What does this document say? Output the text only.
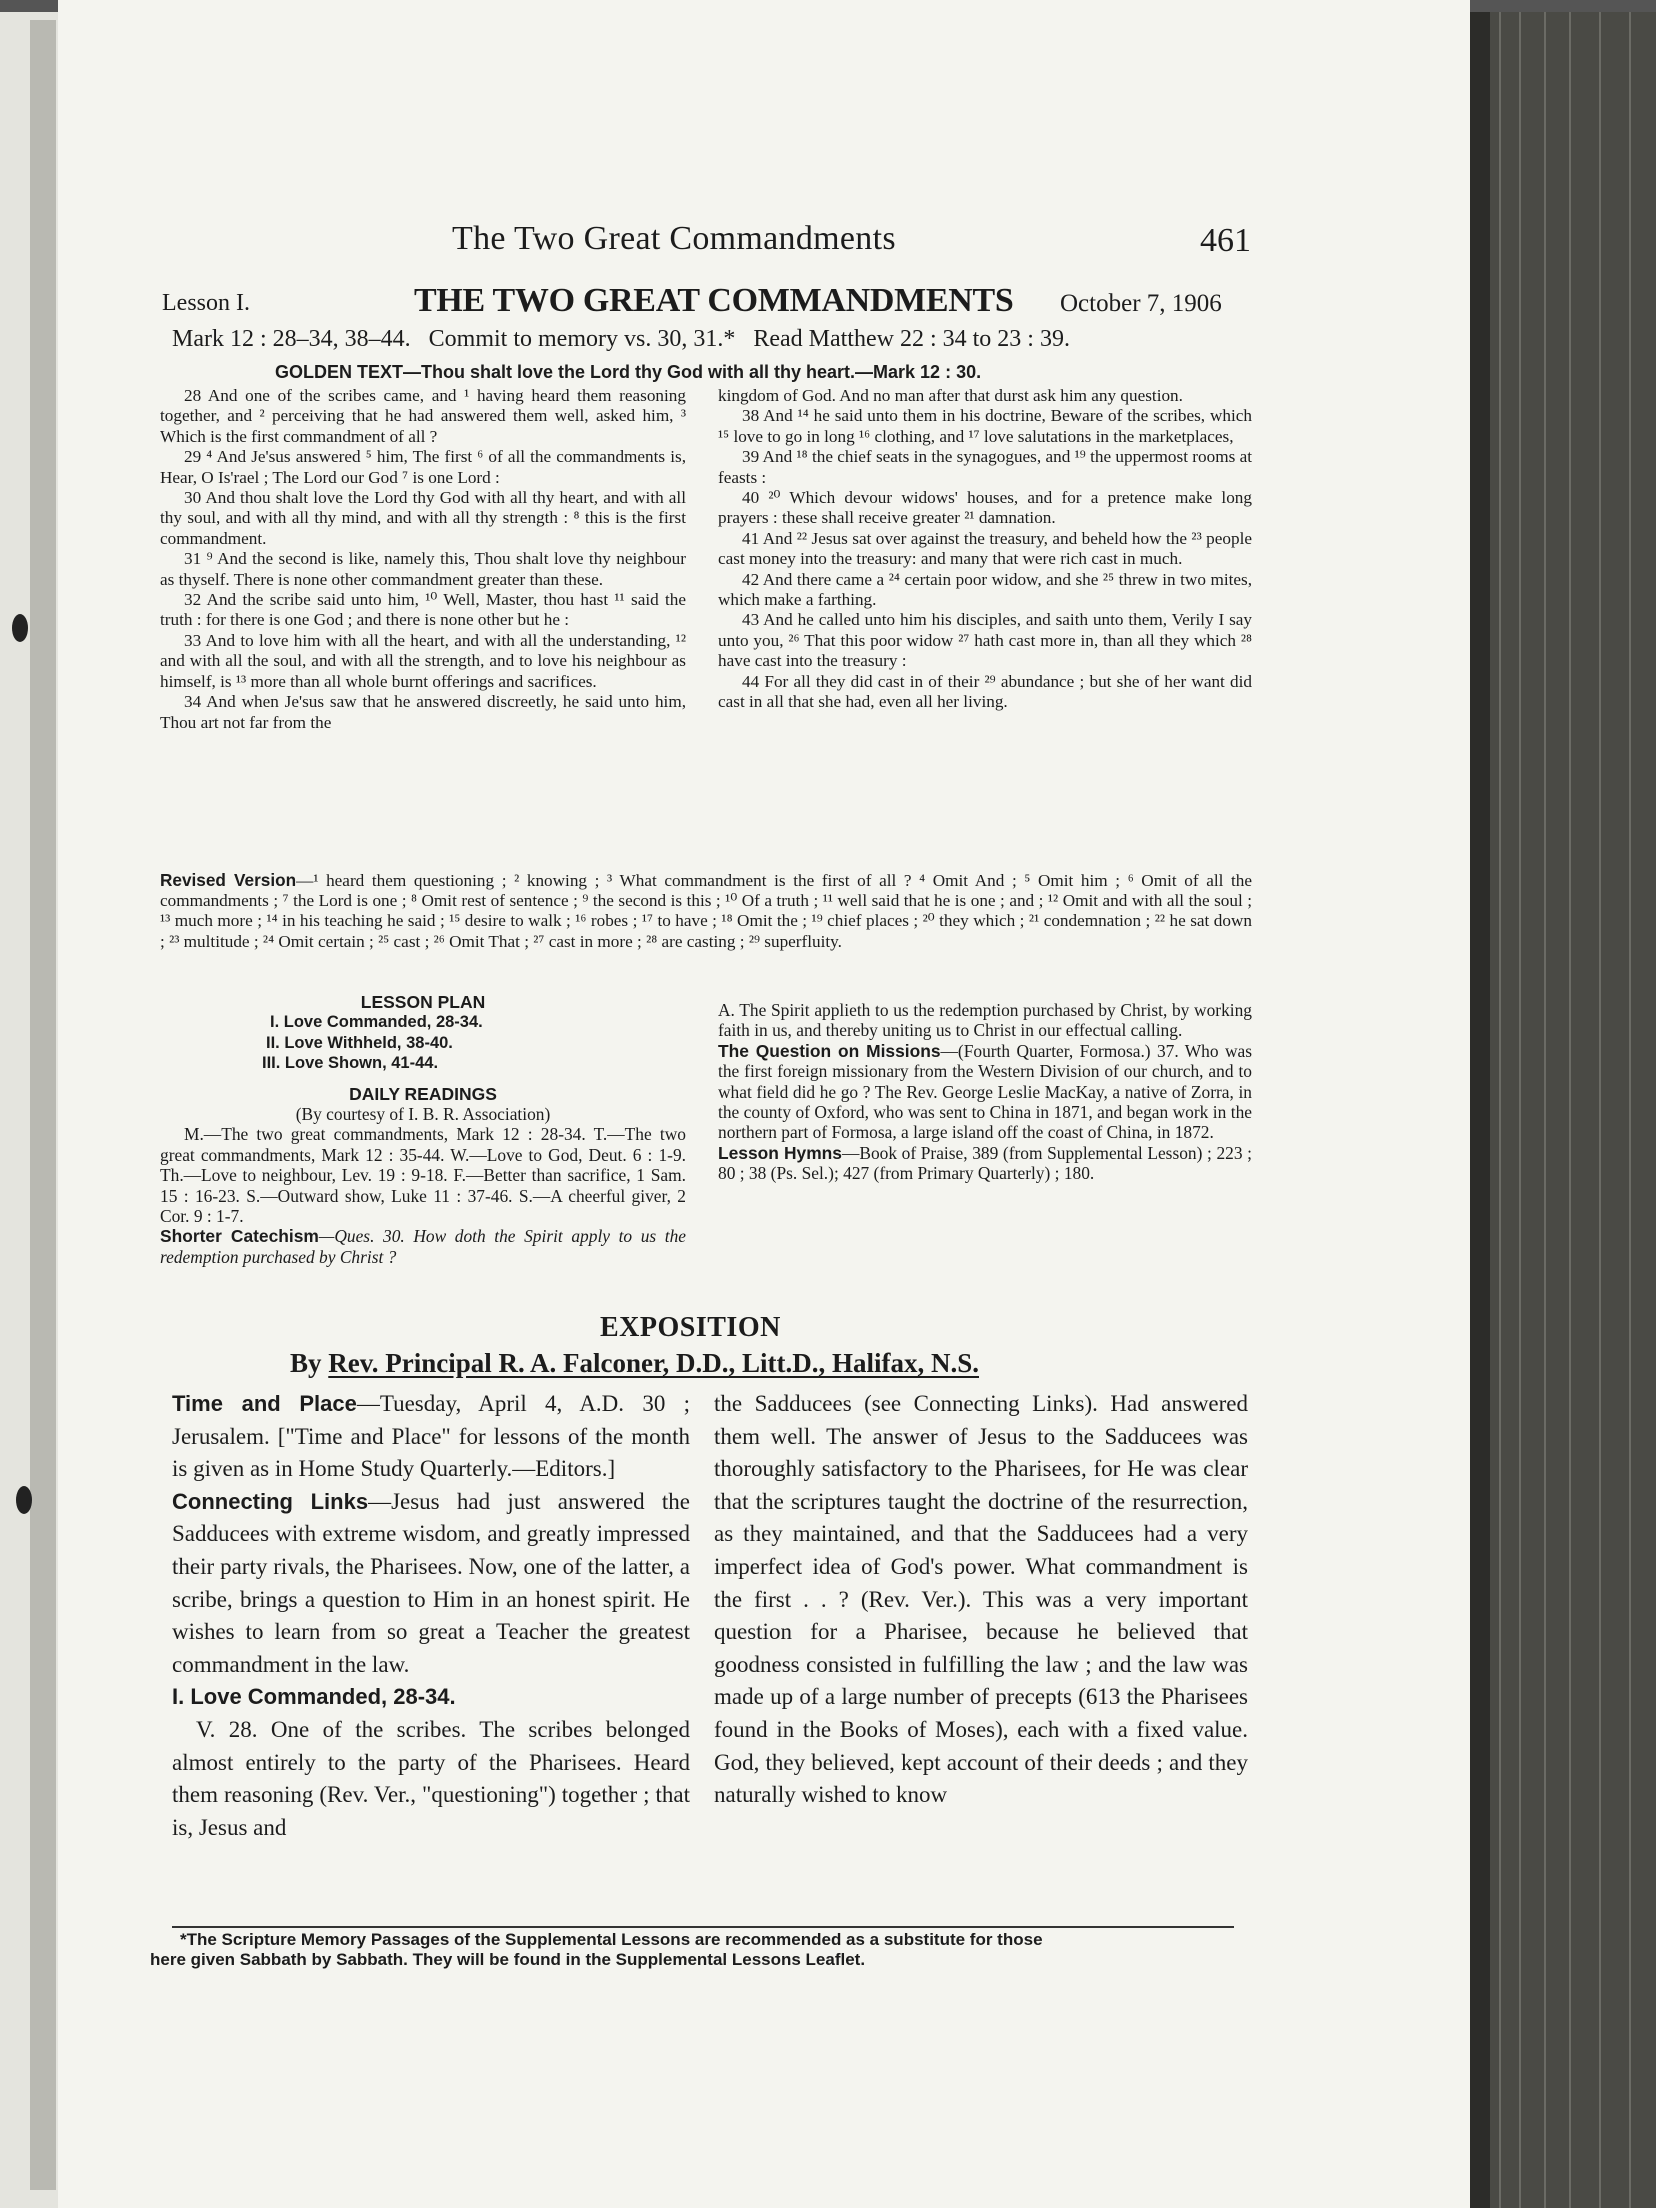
The Two Great Commandments	461
Lesson I.	THE TWO GREAT COMMANDMENTS October 7, 1906
Mark 12 : 28–34, 38–44.   Commit to memory vs. 30, 31.*   Read Matthew 22 : 34 to 23 : 39.
GOLDEN TEXT—Thou shalt love the Lord thy God with all thy heart.—Mark 12 : 30.

28 And one of the scribes came, and ¹ having heard them reasoning together, and ² perceiving that he had answered them well, asked him, ³ Which is the first commandment of all ?

29 ⁴ And Je'sus answered ⁵ him, The first ⁶ of all the commandments is, Hear, O Is'rael ; The Lord our God ⁷ is one Lord :

30 And thou shalt love the Lord thy God with all thy heart, and with all thy soul, and with all thy mind, and with all thy strength : ⁸ this is the first commandment.

31 ⁹ And the second is like, namely this, Thou shalt love thy neighbour as thyself. There is none other commandment greater than these.

32 And the scribe said unto him, ¹⁰ Well, Master, thou hast ¹¹ said the truth : for there is one God ; and there is none other but he :

33 And to love him with all the heart, and with all the understanding, ¹² and with all the soul, and with all the strength, and to love his neighbour as himself, is ¹³ more than all whole burnt offerings and sacrifices.

34 And when Je'sus saw that he answered discreetly, he said unto him, Thou art not far from the

kingdom of God. And no man after that durst ask him any question.

38 And ¹⁴ he said unto them in his doctrine, Beware of the scribes, which ¹⁵ love to go in long ¹⁶ clothing, and ¹⁷ love salutations in the marketplaces,

39 And ¹⁸ the chief seats in the synagogues, and ¹⁹ the uppermost rooms at feasts :

40 ²⁰ Which devour widows' houses, and for a pretence make long prayers : these shall receive greater ²¹ damnation.

41 And ²² Jesus sat over against the treasury, and beheld how the ²³ people cast money into the treasury: and many that were rich cast in much.

42 And there came a ²⁴ certain poor widow, and she ²⁵ threw in two mites, which make a farthing.

43 And he called unto him his disciples, and saith unto them, Verily I say unto you, ²⁶ That this poor widow ²⁷ hath cast more in, than all they which ²⁸ have cast into the treasury :

44 For all they did cast in of their ²⁹ abundance ; but she of her want did cast in all that she had, even all her living.

Revised Version—¹ heard them questioning ; ² knowing ; ³ What commandment is the first of all ? ⁴ Omit And ; ⁵ Omit him ; ⁶ Omit of all the commandments ; ⁷ the Lord is one ; ⁸ Omit rest of sentence ; ⁹ the second is this ; ¹⁰ Of a truth ; ¹¹ well said that he is one ; and ; ¹² Omit and with all the soul ; ¹³ much more ; ¹⁴ in his teaching he said ; ¹⁵ desire to walk ; ¹⁶ robes ; ¹⁷ to have ; ¹⁸ Omit the ; ¹⁹ chief places ; ²⁰ they which ; ²¹ condemnation ; ²² he sat down ; ²³ multitude ; ²⁴ Omit certain ; ²⁵ cast ; ²⁶ Omit That ; ²⁷ cast in more ; ²⁸ are casting ; ²⁹ superfluity.

LESSON PLAN

I. Love Commanded, 28-34.

II. Love Withheld, 38-40.

III. Love Shown, 41-44.

DAILY READINGS

(By courtesy of I. B. R. Association)

M.—The two great commandments, Mark 12 : 28-34. T.—The two great commandments, Mark 12 : 35-44. W.—Love to God, Deut. 6 : 1-9. Th.—Love to neighbour, Lev. 19 : 9-18. F.—Better than sacrifice, 1 Sam. 15 : 16-23. S.—Outward show, Luke 11 : 37-46. S.—A cheerful giver, 2 Cor. 9 : 1-7.

Shorter Catechism—Ques. 30. How doth the Spirit apply to us the redemption purchased by Christ ?

A. The Spirit applieth to us the redemption purchased by Christ, by working faith in us, and thereby uniting us to Christ in our effectual calling.

The Question on Missions—(Fourth Quarter, Formosa.) 37. Who was the first foreign missionary from the Western Division of our church, and to what field did he go ? The Rev. George Leslie MacKay, a native of Zorra, in the county of Oxford, who was sent to China in 1871, and began work in the northern part of Formosa, a large island off the coast of China, in 1872.

Lesson Hymns—Book of Praise, 389 (from Supplemental Lesson) ; 223 ; 80 ; 38 (Ps. Sel.); 427 (from Primary Quarterly) ; 180.

EXPOSITION
By Rev. Principal R. A. Falconer, D.D., Litt.D., Halifax, N.S.

Time and Place—Tuesday, April 4, A.D. 30 ; Jerusalem. ["Time and Place" for lessons of the month is given as in Home Study Quarterly.—Editors.]

Connecting Links—Jesus had just answered the Sadducees with extreme wisdom, and greatly impressed their party rivals, the Pharisees. Now, one of the latter, a scribe, brings a question to Him in an honest spirit. He wishes to learn from so great a Teacher the greatest commandment in the law.

I. Love Commanded, 28-34.

V. 28. One of the scribes. The scribes belonged almost entirely to the party of the Pharisees. Heard them reasoning (Rev. Ver., "questioning") together ; that is, Jesus and

the Sadducees (see Connecting Links). Had answered them well. The answer of Jesus to the Sadducees was thoroughly satisfactory to the Pharisees, for He was clear that the scriptures taught the doctrine of the resurrection, as they maintained, and that the Sadducees had a very imperfect idea of God's power. What commandment is the first . . ? (Rev. Ver.). This was a very important question for a Pharisee, because he believed that goodness consisted in fulfilling the law ; and the law was made up of a large number of precepts (613 the Pharisees found in the Books of Moses), each with a fixed value. God, they believed, kept account of their deeds ; and they naturally wished to know

*The Scripture Memory Passages of the Supplemental Lessons are recommended as a substitute for those

here given Sabbath by Sabbath. They will be found in the Supplemental Lessons Leaflet.
